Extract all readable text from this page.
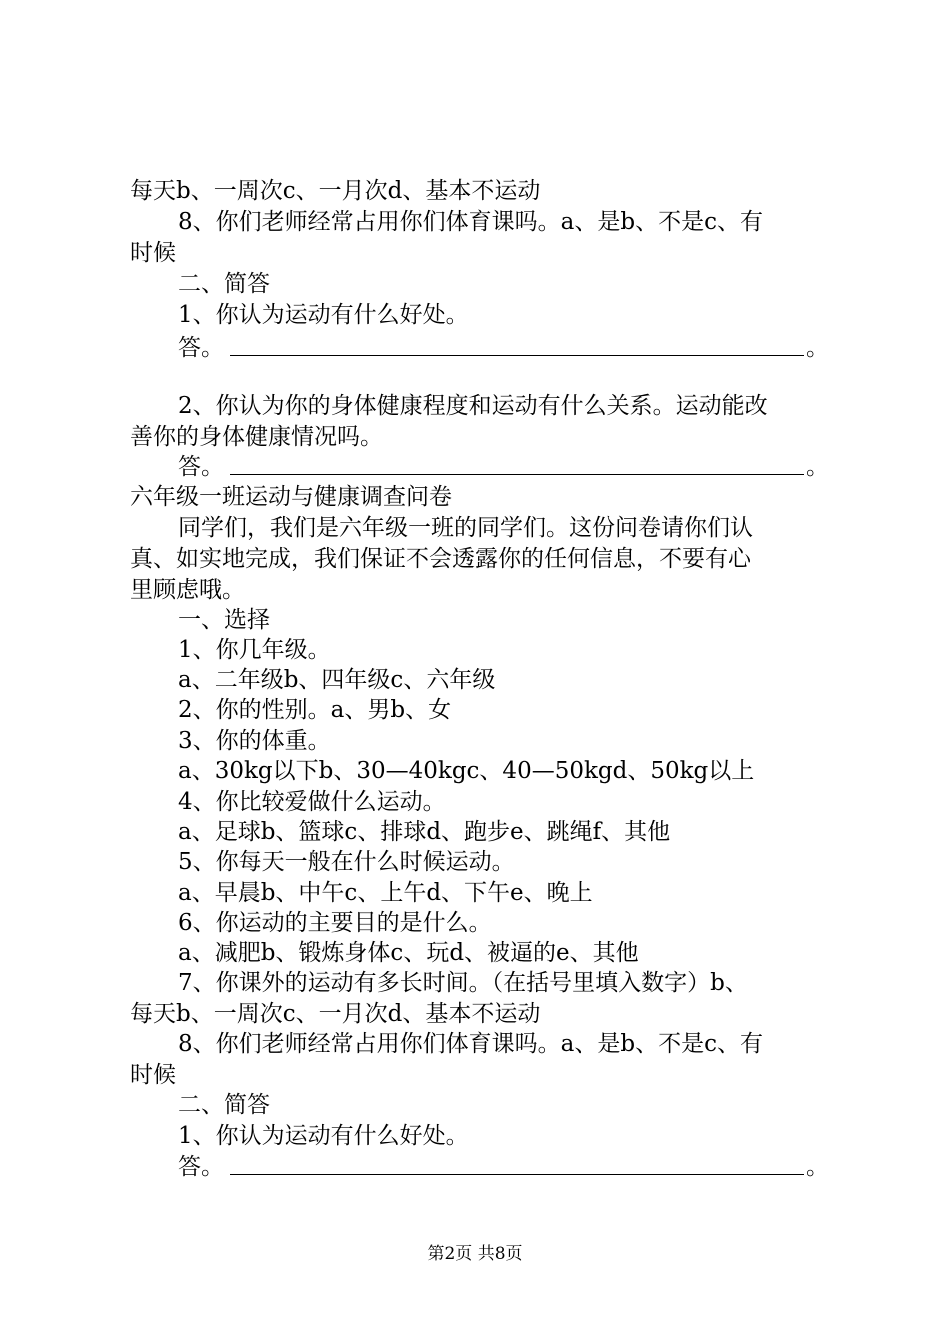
每天b、一周次c、一月次d、基本不运动
8、你们老师经常占用你们体育课吗。a、是b、不是c、有
时候
二、简答
1、你认为运动有什么好处。
答。	。
2、你认为你的身体健康程度和运动有什么关系。运动能改
善你的身体健康情况吗。
答。	。
六年级一班运动与健康调查问卷
同学们，我们是六年级一班的同学们。这份问卷请你们认
真、如实地完成，我们保证不会透露你的任何信息，不要有心
里顾虑哦。
一、选择
1、你几年级。
a、二年级b、四年级c、六年级
2、你的性别。a、男b、女
3、你的体重。
a、30kg以下b、30—40kgc、40—50kgd、50kg以上
4、你比较爱做什么运动。
a、足球b、篮球c、排球d、跑步e、跳绳f、其他
5、你每天一般在什么时候运动。
a、早晨b、中午c、上午d、下午e、晚上
6、你运动的主要目的是什么。
a、减肥b、锻炼身体c、玩d、被逼的e、其他
7、你课外的运动有多长时间。（在括号里填入数字）b、
每天b、一周次c、一月次d、基本不运动
8、你们老师经常占用你们体育课吗。a、是b、不是c、有
时候
二、简答
1、你认为运动有什么好处。
答。	。
第2页 共8页
